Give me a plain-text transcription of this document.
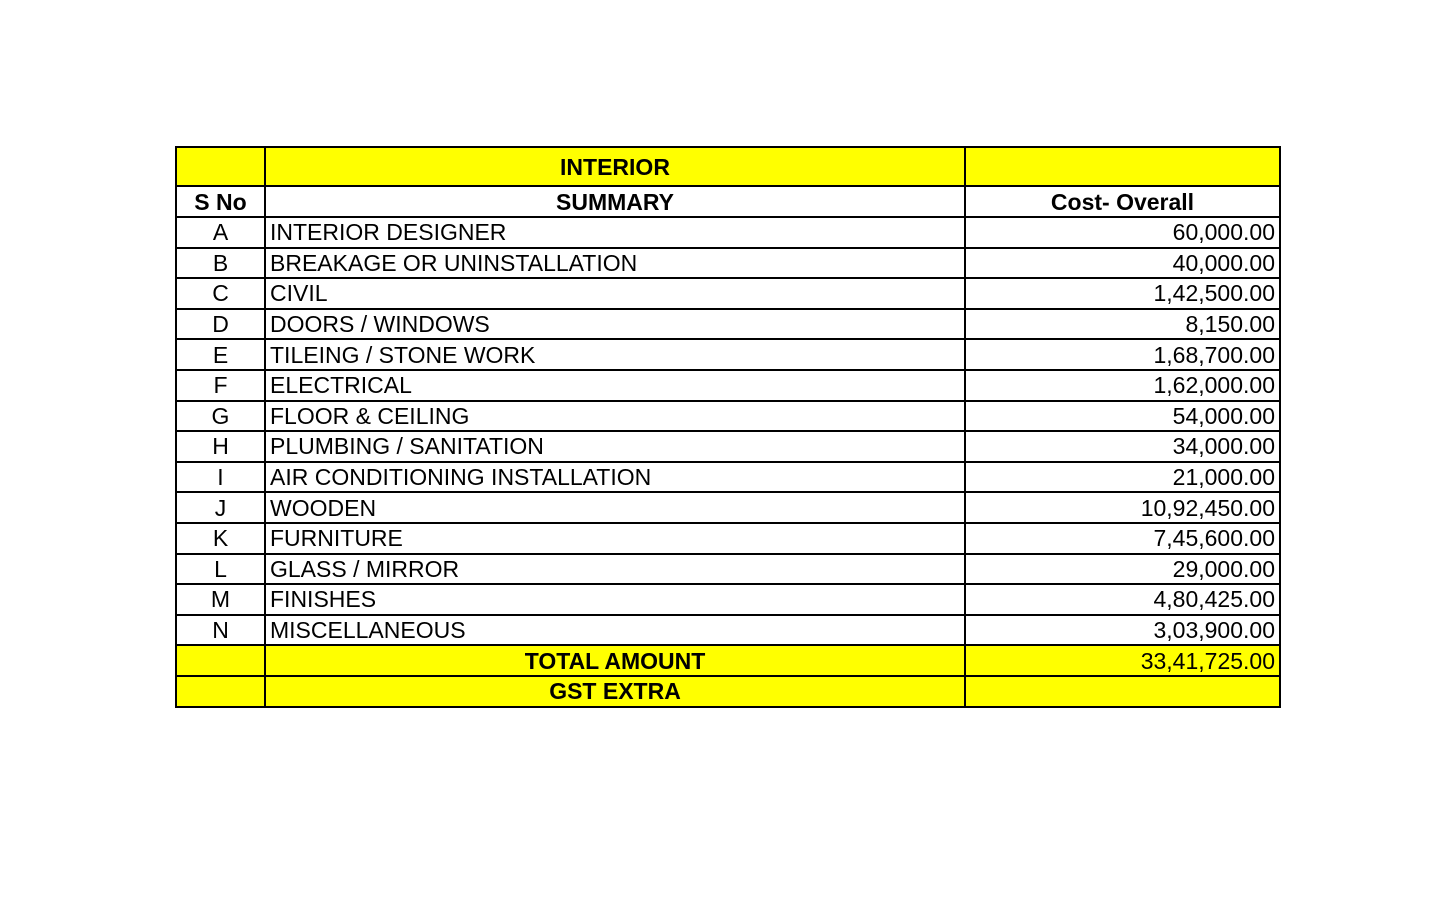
	INTERIOR	
S No	SUMMARY	Cost- Overall
A	INTERIOR DESIGNER	60,000.00
B	BREAKAGE OR UNINSTALLATION	40,000.00
C	CIVIL	1,42,500.00
D	DOORS / WINDOWS	8,150.00
E	TILEING / STONE WORK	1,68,700.00
F	ELECTRICAL	1,62,000.00
G	FLOOR & CEILING	54,000.00
H	PLUMBING / SANITATION	34,000.00
I	AIR CONDITIONING INSTALLATION	21,000.00
J	WOODEN	10,92,450.00
K	FURNITURE	7,45,600.00
L	GLASS / MIRROR	29,000.00
M	FINISHES	4,80,425.00
N	MISCELLANEOUS	3,03,900.00
	TOTAL AMOUNT	33,41,725.00
	GST EXTRA	
